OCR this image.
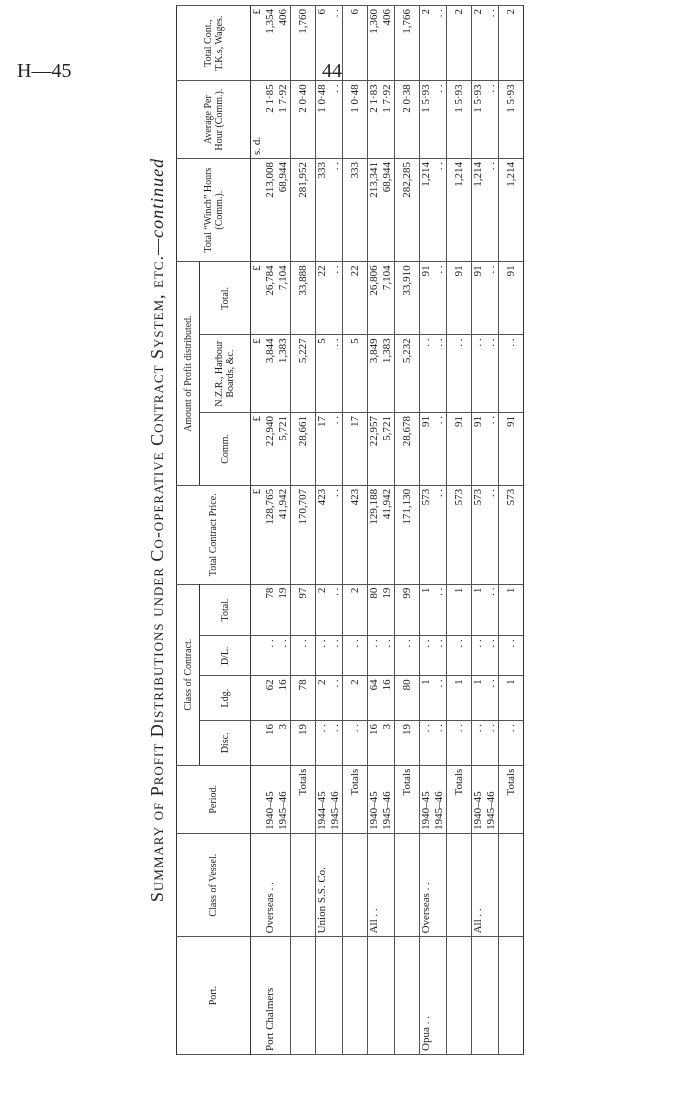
H—45	44
Summary of Profit Distributions under Co-operative Contract System, etc.—continued
Port.	Class of Vessel.	Period.	Class of Contract.				Total Contract Price.	Amount of Profit distributed.			Total “Winch” Hours (Comm.).	Average Per Hour (Comm.).	Total Cont., T.K.s, Wages.
			Disc.	Ldg.	D/L.	Total.		Comm.	N.Z.R., Harbour Boards, &c.	Total.			
							£	£	£	£		s. d.	£
Port Chalmers	Overseas . .	1940–45	16	62	. .	78	128,765	22,940	3,844	26,784	213,008	2 1·85	1,354
		1945–46	3	16	. .	19	41,942	5,721	1,383	7,104	68,944	1 7·92	406
		Totals	19	78	. .	97	170,707	28,661	5,227	33,888	281,952	2 0·40	1,760
	Union S.S. Co.	1944–45	. .	2	. .	2	423	17	5	22	333	1 0·48	6
		1945–46	. .	. .	. .	. .	. .	. .	. .	. .	. .	. .	. .
		Totals	. .	2	. .	2	423	17	5	22	333	1 0·48	6
	All . .	1940–45	16	64	. .	80	129,188	22,957	3,849	26,806	213,341	2 1·83	1,360
		1945–46	3	16	. .	19	41,942	5,721	1,383	7,104	68,944	1 7·92	406
		Totals	19	80	. .	99	171,130	28,678	5,232	33,910	282,285	2 0·38	1,766
Opua . .	Overseas . .	1940–45	. .	1	. .	1	573	91	. .	91	1,214	1 5·93	2
		1945–46	. .	. .	. .	. .	. .	. .	. .	. .	. .	. .	. .
		Totals	. .	1	. .	1	573	91	. .	91	1,214	1 5·93	2
	All . .	1940–45	. .	1	. .	1	573	91	. .	91	1,214	1 5·93	2
		1945–46	. .	. .	. .	. .	. .	. .	. .	. .	. .	. .	. .
		Totals	. .	1	. .	1	573	91	. .	91	1,214	1 5·93	2
